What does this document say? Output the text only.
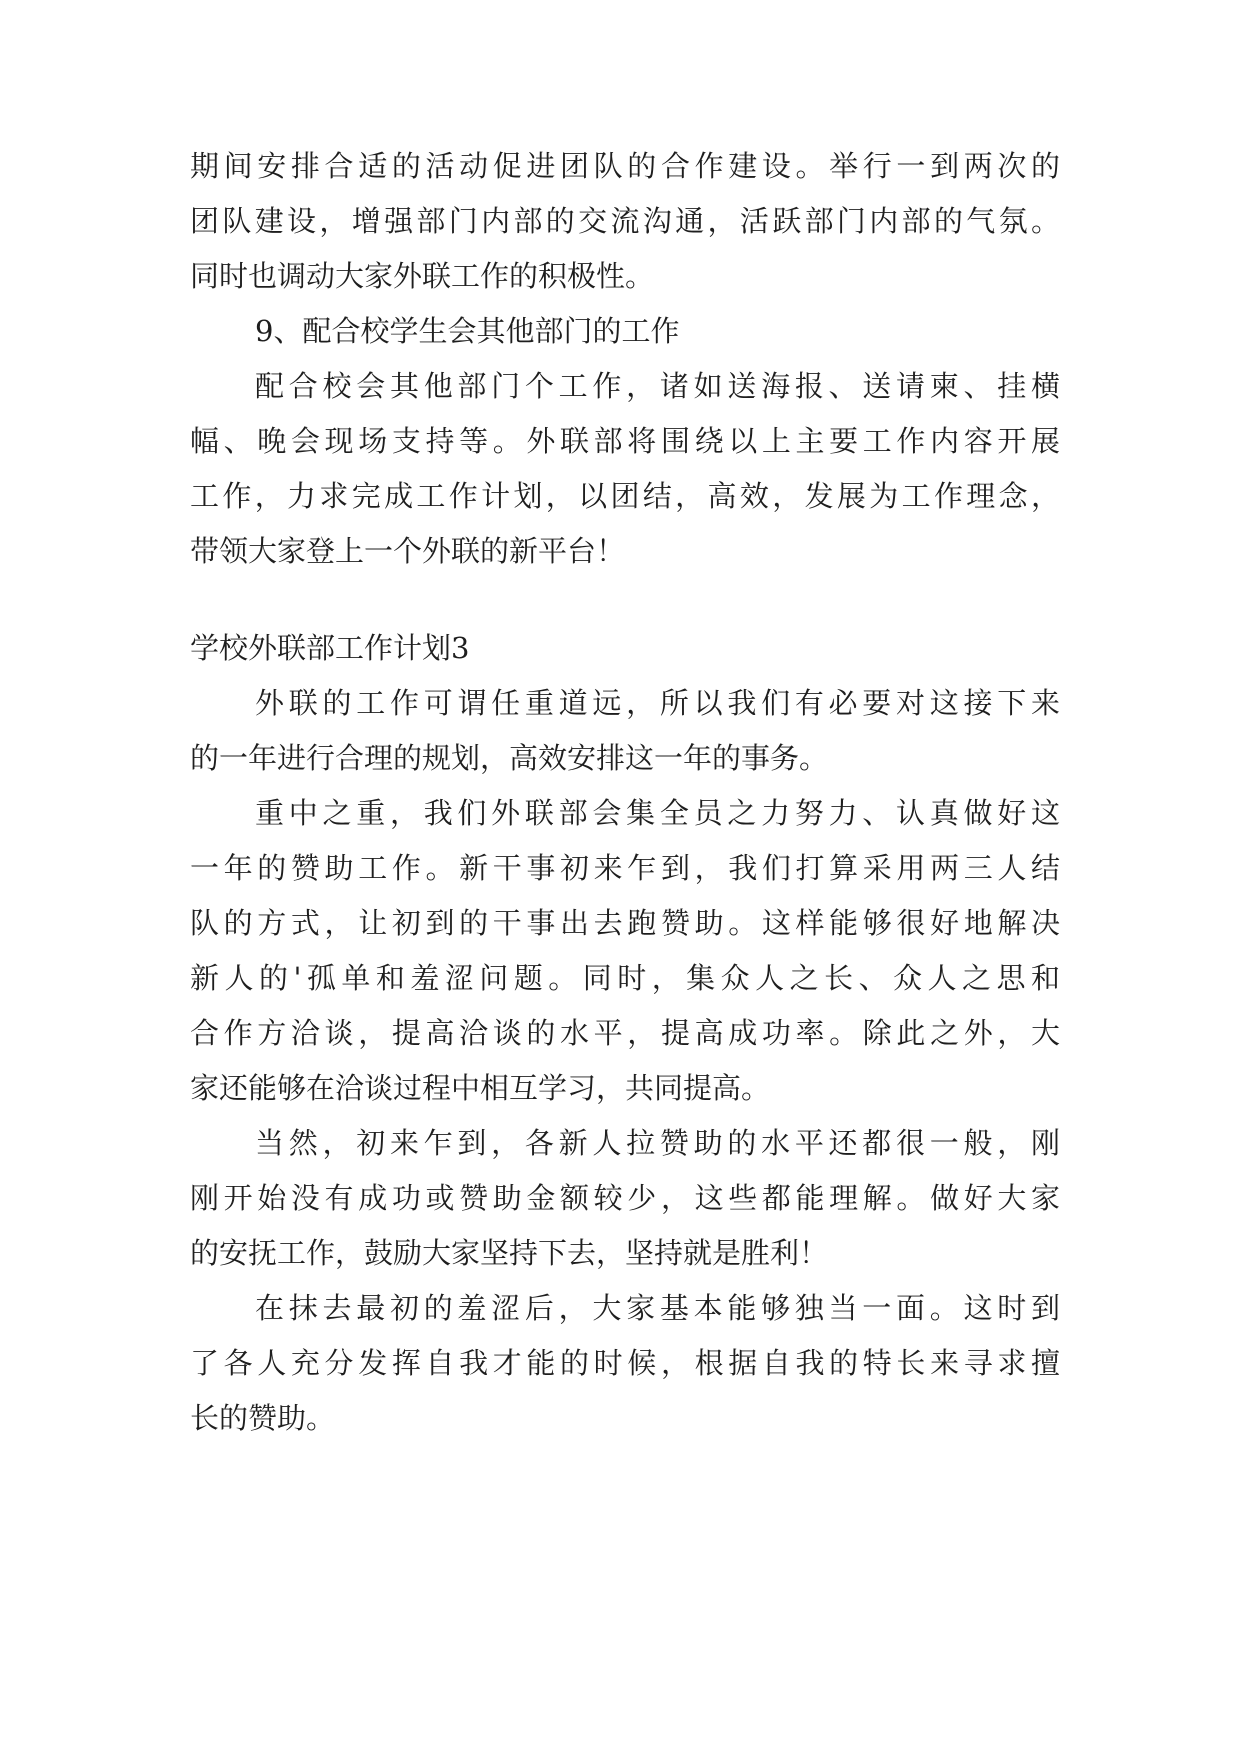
期间安排合适的活动促进团队的合作建设。举行一到两次的

团队建设，增强部门内部的交流沟通，活跃部门内部的气氛。

同时也调动大家外联工作的积极性。

9、配合校学生会其他部门的工作

配合校会其他部门个工作，诸如送海报、送请柬、挂横

幅、晚会现场支持等。外联部将围绕以上主要工作内容开展

工作，力求完成工作计划，以团结，高效，发展为工作理念，

带领大家登上一个外联的新平台！

学校外联部工作计划3

外联的工作可谓任重道远，所以我们有必要对这接下来

的一年进行合理的规划，高效安排这一年的事务。

重中之重，我们外联部会集全员之力努力、认真做好这

一年的赞助工作。新干事初来乍到，我们打算采用两三人结

队的方式，让初到的干事出去跑赞助。这样能够很好地解决

新人的'孤单和羞涩问题。同时，集众人之长、众人之思和

合作方洽谈，提高洽谈的水平，提高成功率。除此之外，大

家还能够在洽谈过程中相互学习，共同提高。

当然，初来乍到，各新人拉赞助的水平还都很一般，刚

刚开始没有成功或赞助金额较少，这些都能理解。做好大家

的安抚工作，鼓励大家坚持下去，坚持就是胜利！

在抹去最初的羞涩后，大家基本能够独当一面。这时到

了各人充分发挥自我才能的时候，根据自我的特长来寻求擅

长的赞助。
